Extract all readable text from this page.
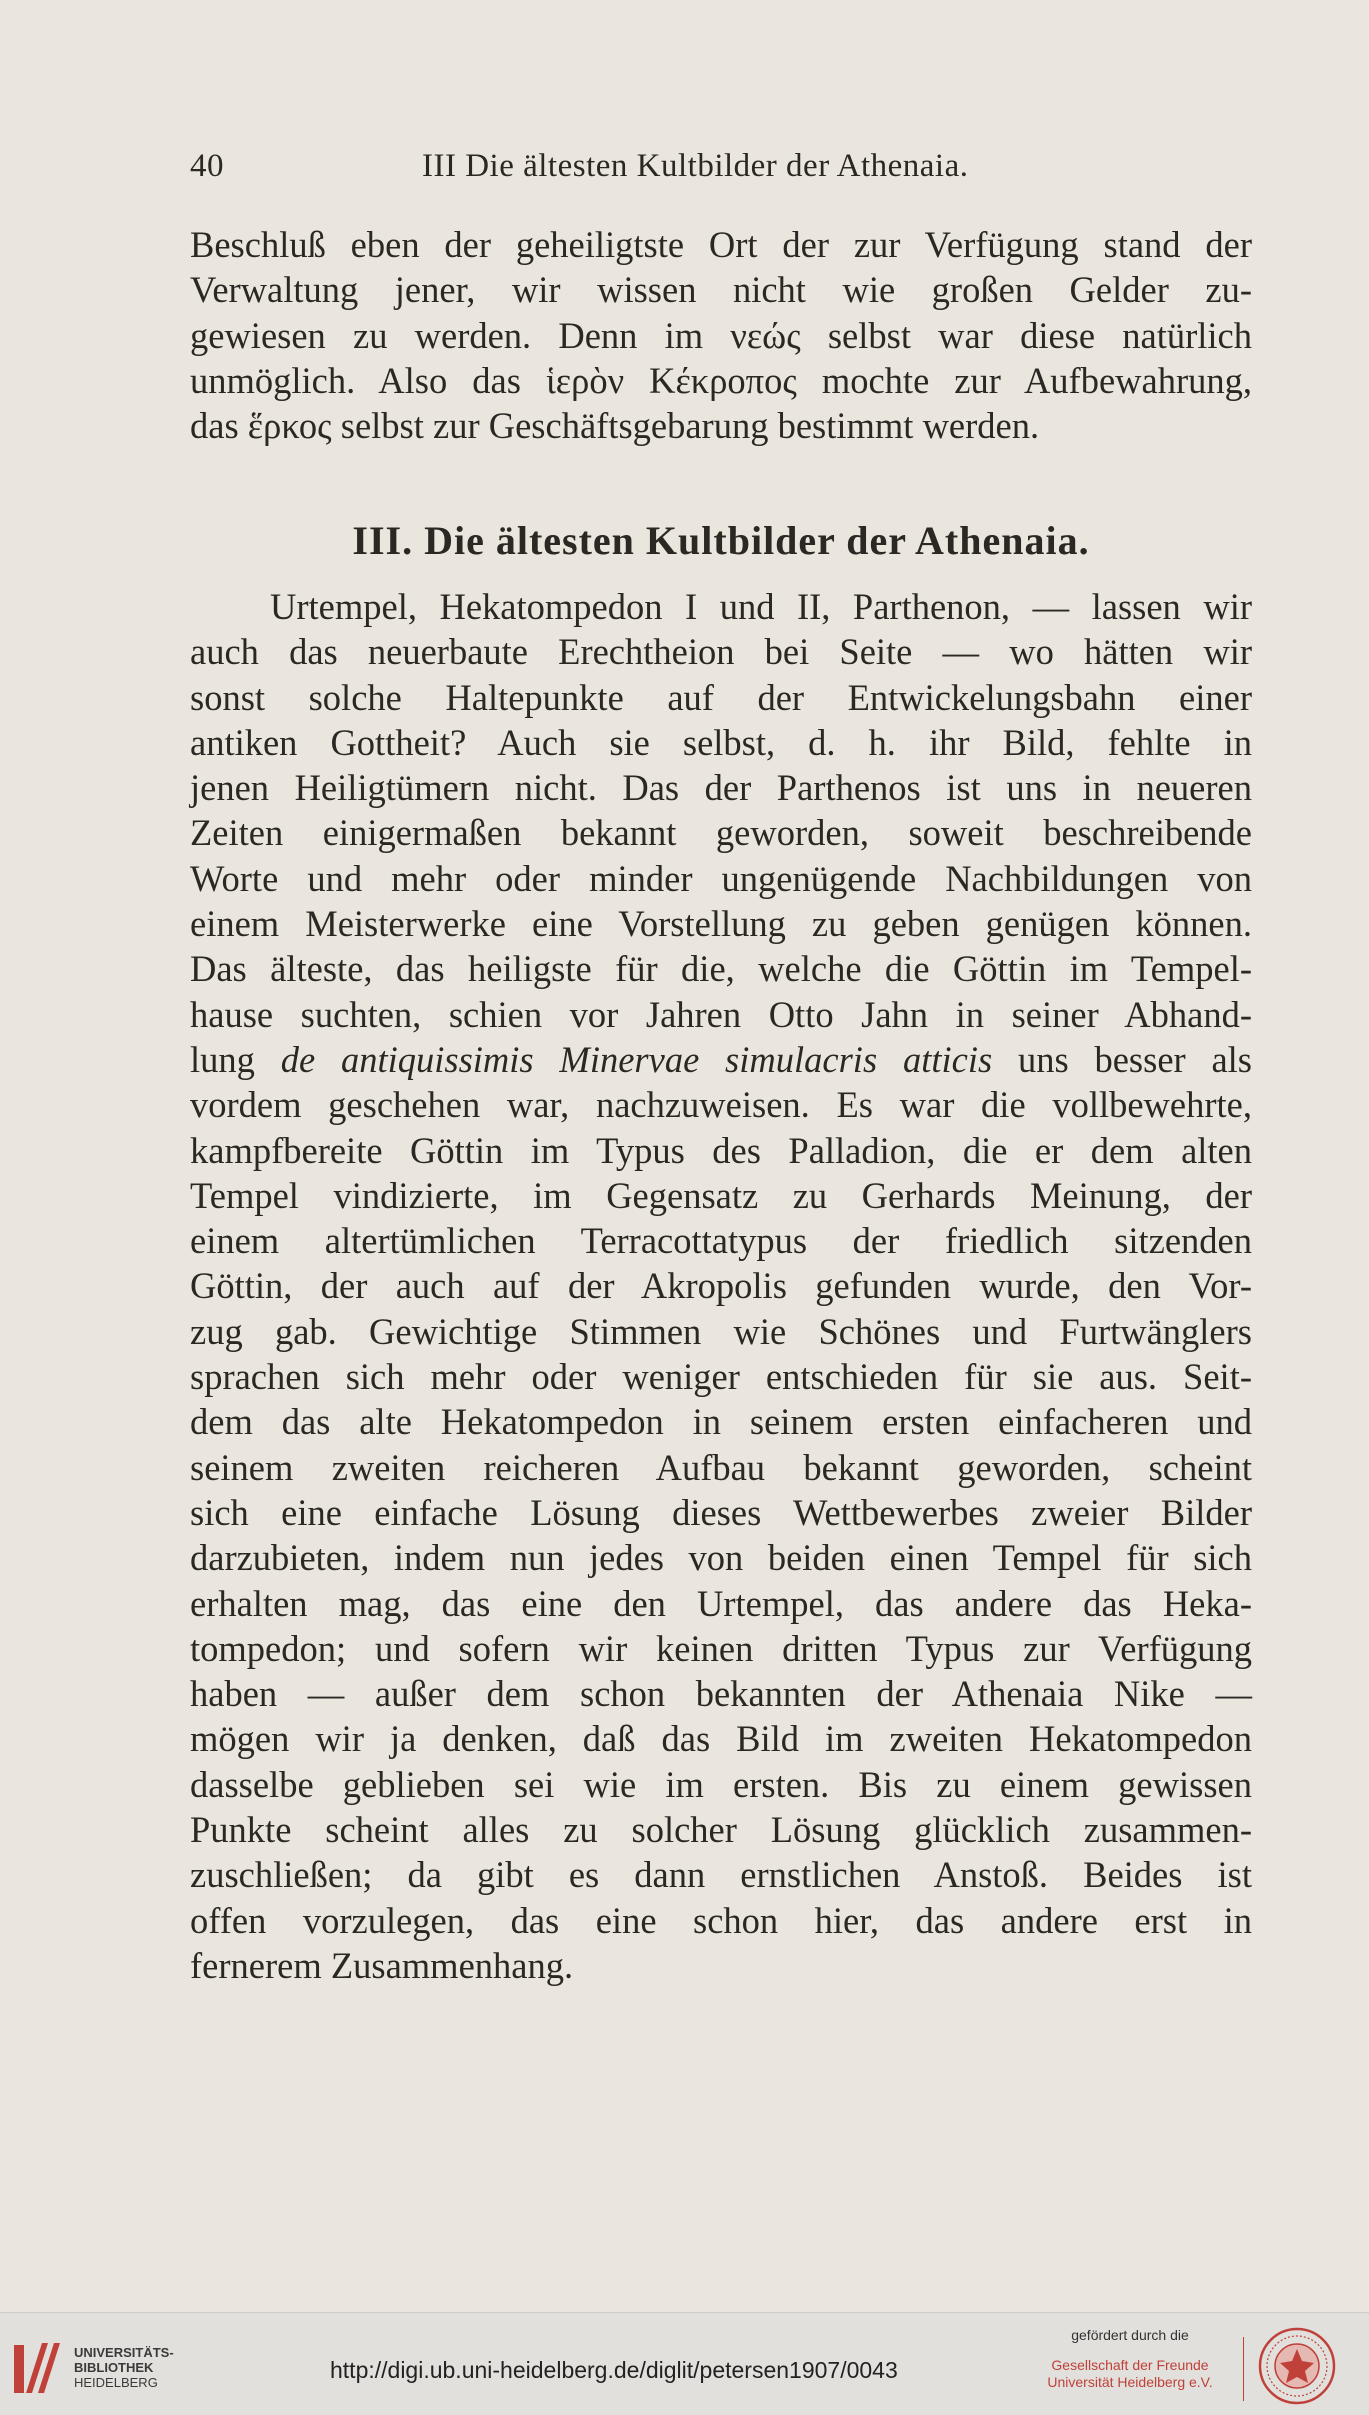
40	III Die ältesten Kultbilder der Athenaia.
Beschluß eben der geheiligtste Ort der zur Verfügung stand der
Verwaltung jener, wir wissen nicht wie großen Gelder zu-
gewiesen zu werden. Denn im νεώς selbst war diese natürlich
unmöglich. Also das ἱερὸν Κέκροπος mochte zur Aufbewahrung,
das ἕρκος selbst zur Geschäftsgebarung bestimmt werden.
III. Die ältesten Kultbilder der Athenaia.
Urtempel, Hekatompedon I und II, Parthenon, — lassen wir
auch das neuerbaute Erechtheion bei Seite — wo hätten wir
sonst solche Haltepunkte auf der Entwickelungsbahn einer
antiken Gottheit? Auch sie selbst, d. h. ihr Bild, fehlte in
jenen Heiligtümern nicht. Das der Parthenos ist uns in neueren
Zeiten einigermaßen bekannt geworden, soweit beschreibende
Worte und mehr oder minder ungenügende Nachbildungen von
einem Meisterwerke eine Vorstellung zu geben genügen können.
Das älteste, das heiligste für die, welche die Göttin im Tempel-
hause suchten, schien vor Jahren Otto Jahn in seiner Abhand-
lung de antiquissimis Minervae simulacris atticis uns besser als
vordem geschehen war, nachzuweisen. Es war die vollbewehrte,
kampfbereite Göttin im Typus des Palladion, die er dem alten
Tempel vindizierte, im Gegensatz zu Gerhards Meinung, der
einem altertümlichen Terracottatypus der friedlich sitzenden
Göttin, der auch auf der Akropolis gefunden wurde, den Vor-
zug gab. Gewichtige Stimmen wie Schönes und Furtwänglers
sprachen sich mehr oder weniger entschieden für sie aus. Seit-
dem das alte Hekatompedon in seinem ersten einfacheren und
seinem zweiten reicheren Aufbau bekannt geworden, scheint
sich eine einfache Lösung dieses Wettbewerbes zweier Bilder
darzubieten, indem nun jedes von beiden einen Tempel für sich
erhalten mag, das eine den Urtempel, das andere das Heka-
tompedon; und sofern wir keinen dritten Typus zur Verfügung
haben — außer dem schon bekannten der Athenaia Nike —
mögen wir ja denken, daß das Bild im zweiten Hekatompedon
dasselbe geblieben sei wie im ersten. Bis zu einem gewissen
Punkte scheint alles zu solcher Lösung glücklich zusammen-
zuschließen; da gibt es dann ernstlichen Anstoß. Beides ist
offen vorzulegen, das eine schon hier, das andere erst in
fernerem Zusammenhang.
UNIVERSITÄTS-
BIBLIOTHEK
HEIDELBERG	http://digi.ub.uni-heidelberg.de/diglit/petersen1907/0043
gefördert durch die
Gesellschaft der Freunde
Universität Heidelberg e.V.
